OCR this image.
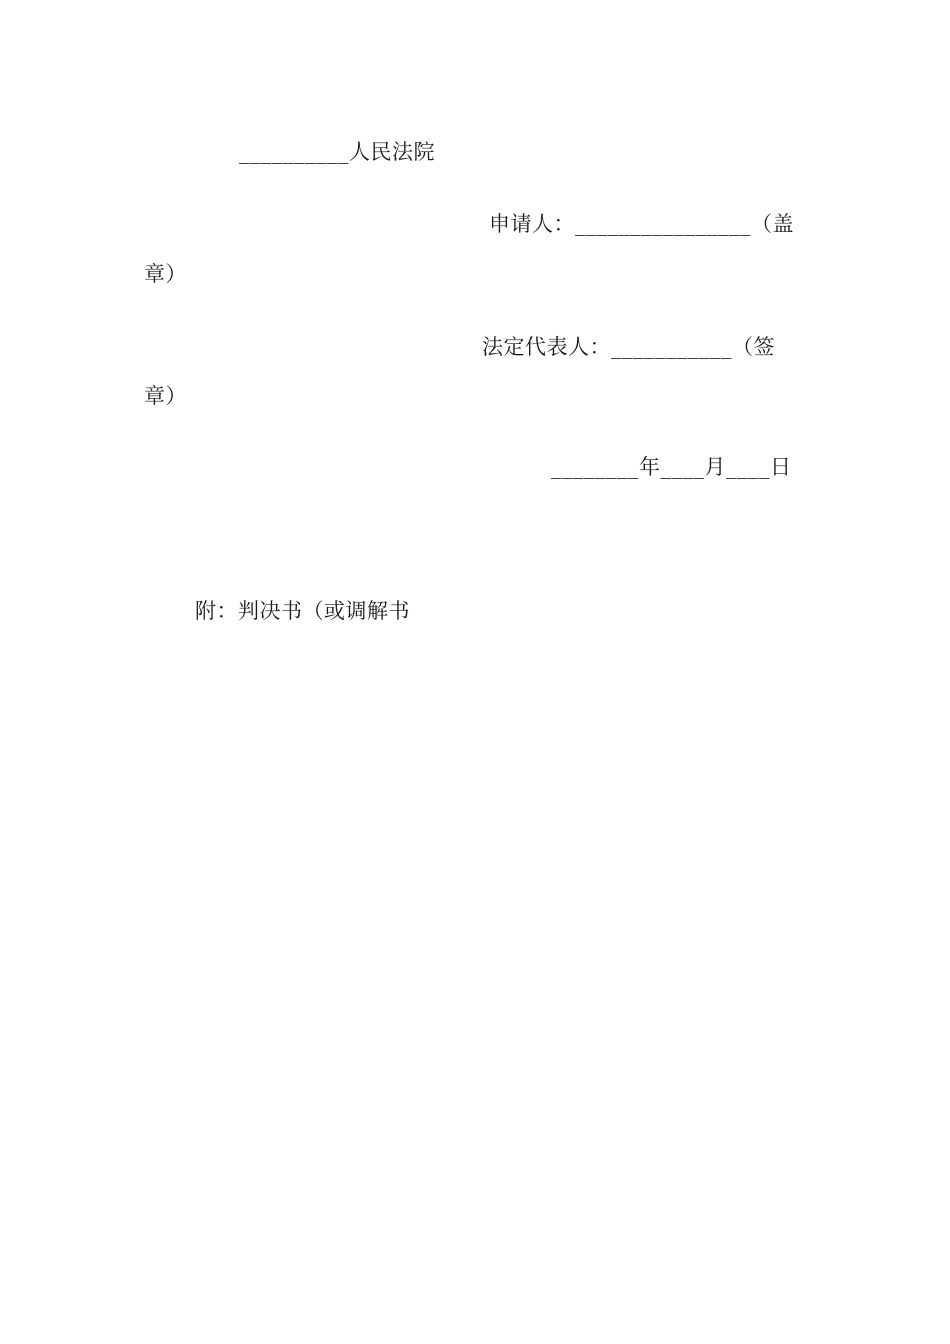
__________人民法院
申请人：________________（盖
章）
法定代表人：___________（签
章）
________年____月____日
附：判决书（或调解书
